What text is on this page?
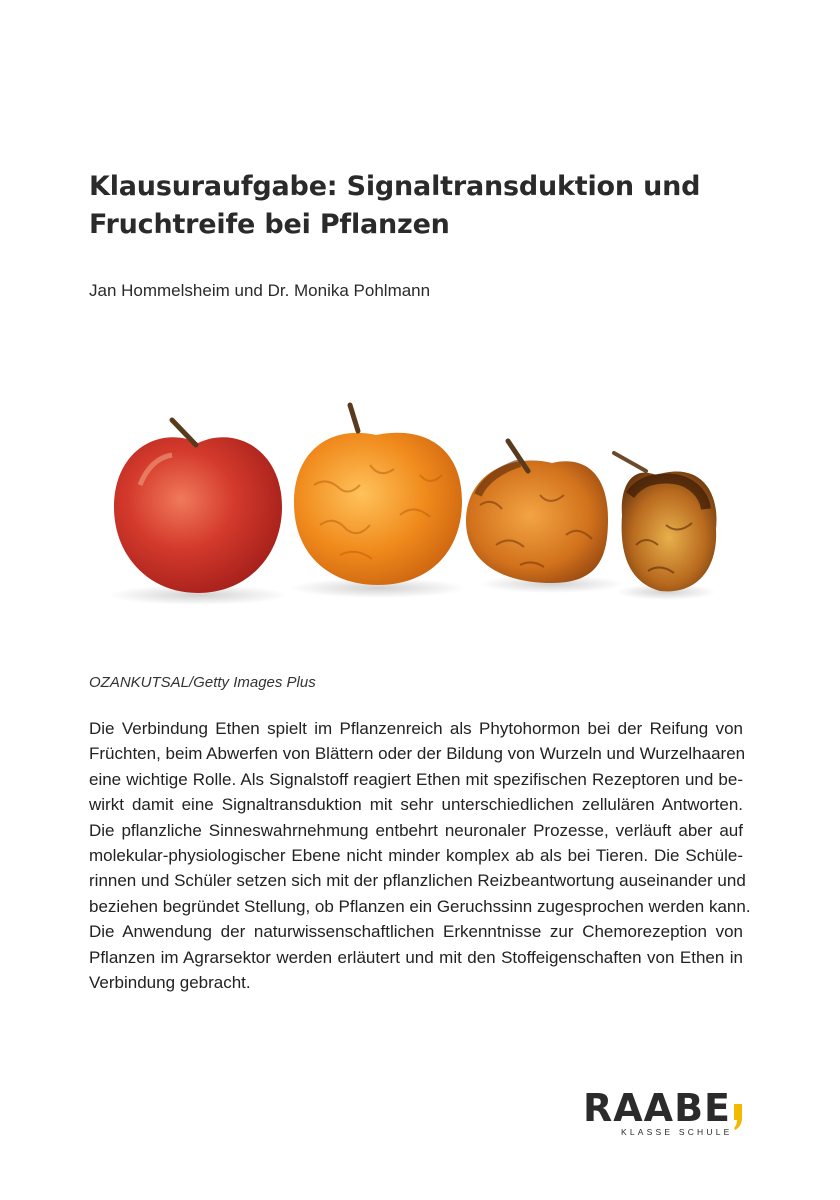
Klausuraufgabe: Signaltransduktion und
Fruchtreife bei Pflanzen
Jan Hommelsheim und Dr. Monika Pohlmann
OZANKUTSAL/Getty Images Plus

Die Verbindung Ethen spielt im Pflanzenreich als Phytohormon bei der Reifung von
Früchten, beim Abwerfen von Blättern oder der Bildung von Wurzeln und Wurzelhaaren
eine wichtige Rolle. Als Signalstoff reagiert Ethen mit spezifischen Rezeptoren und be-
wirkt damit eine Signaltransduktion mit sehr unterschiedlichen zellulären Antworten.
Die pflanzliche Sinneswahrnehmung entbehrt neuronaler Prozesse, verläuft aber auf
molekular-physiologischer Ebene nicht minder komplex ab als bei Tieren. Die Schüle-
rinnen und Schüler setzen sich mit der pflanzlichen Reizbeantwortung auseinander und
beziehen begründet Stellung, ob Pflanzen ein Geruchssinn zugesprochen werden kann.
Die Anwendung der naturwissenschaftlichen Erkenntnisse zur Chemorezeption von
Pflanzen im Agrarsektor werden erläutert und mit den Stoffeigenschaften von Ethen in
Verbindung gebracht.

RAABE
KLASSE SCHULE
